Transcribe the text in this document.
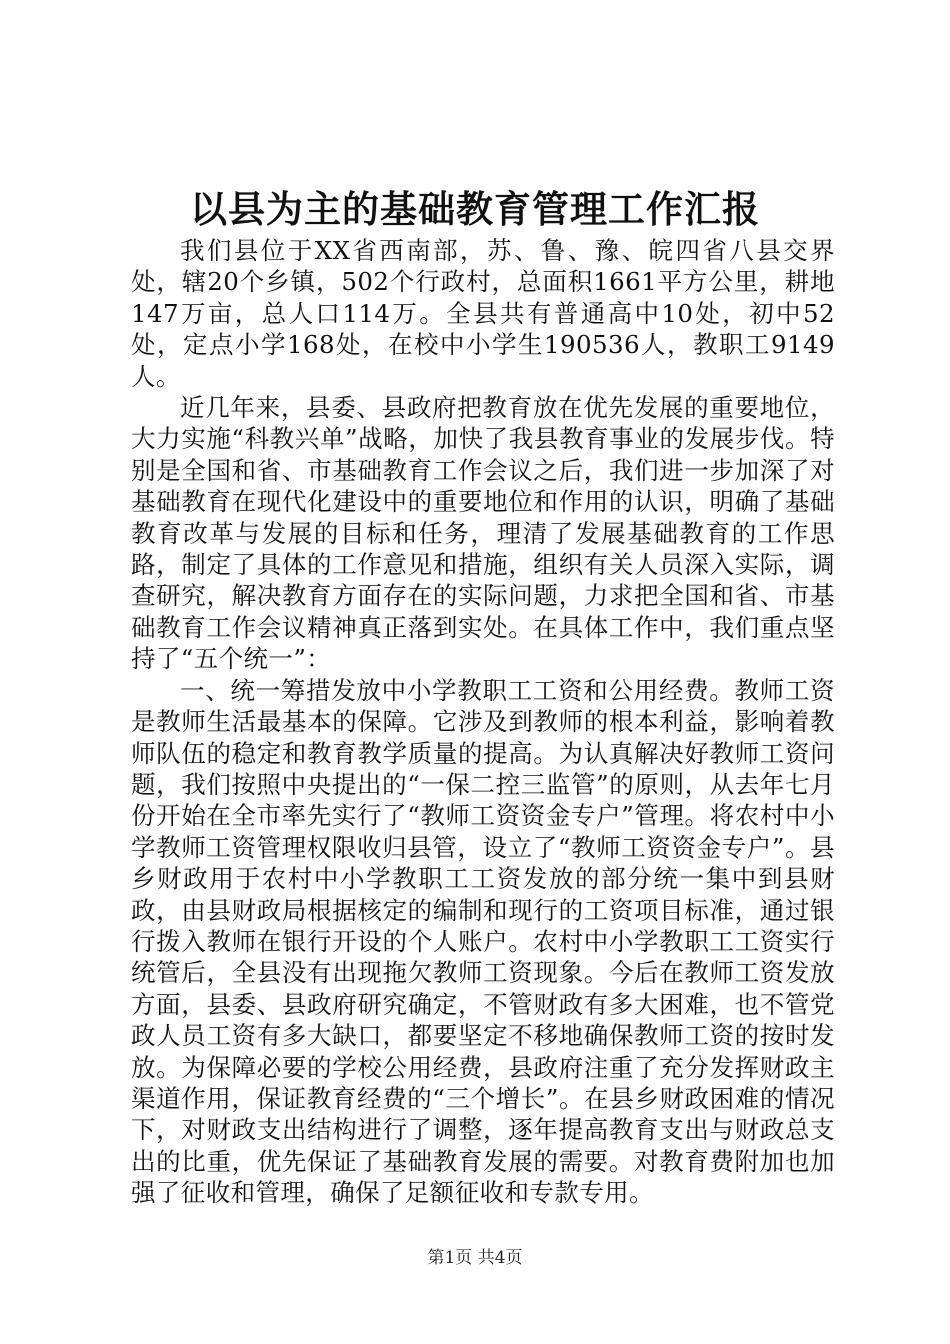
以县为主的基础教育管理工作汇报

我们县位于XX省西南部，苏、鲁、豫、皖四省八县交界处，辖20个乡镇，502个行政村，总面积1661平方公里，耕地147万亩，总人口114万。全县共有普通高中10处，初中52处，定点小学168处，在校中小学生190536人，教职工9149人。

近几年来，县委、县政府把教育放在优先发展的重要地位，大力实施“科教兴单”战略，加快了我县教育事业的发展步伐。特别是全国和省、市基础教育工作会议之后，我们进一步加深了对基础教育在现代化建设中的重要地位和作用的认识，明确了基础教育改革与发展的目标和任务，理清了发展基础教育的工作思路，制定了具体的工作意见和措施，组织有关人员深入实际，调查研究，解决教育方面存在的实际问题，力求把全国和省、市基础教育工作会议精神真正落到实处。在具体工作中，我们重点坚持了“五个统一”：

一、统一筹措发放中小学教职工工资和公用经费。教师工资是教师生活最基本的保障。它涉及到教师的根本利益，影响着教师队伍的稳定和教育教学质量的提高。为认真解决好教师工资问题，我们按照中央提出的“一保二控三监管”的原则，从去年七月份开始在全市率先实行了“教师工资资金专户”管理。将农村中小学教师工资管理权限收归县管，设立了“教师工资资金专户”。县乡财政用于农村中小学教职工工资发放的部分统一集中到县财政，由县财政局根据核定的编制和现行的工资项目标准，通过银行拨入教师在银行开设的个人账户。农村中小学教职工工资实行统管后，全县没有出现拖欠教师工资现象。今后在教师工资发放方面，县委、县政府研究确定，不管财政有多大困难，也不管党政人员工资有多大缺口，都要坚定不移地确保教师工资的按时发放。为保障必要的学校公用经费，县政府注重了充分发挥财政主渠道作用，保证教育经费的“三个增长”。在县乡财政困难的情况下，对财政支出结构进行了调整，逐年提高教育支出与财政总支出的比重，优先保证了基础教育发展的需要。对教育费附加也加强了征收和管理，确保了足额征收和专款专用。

第1页 共4页
